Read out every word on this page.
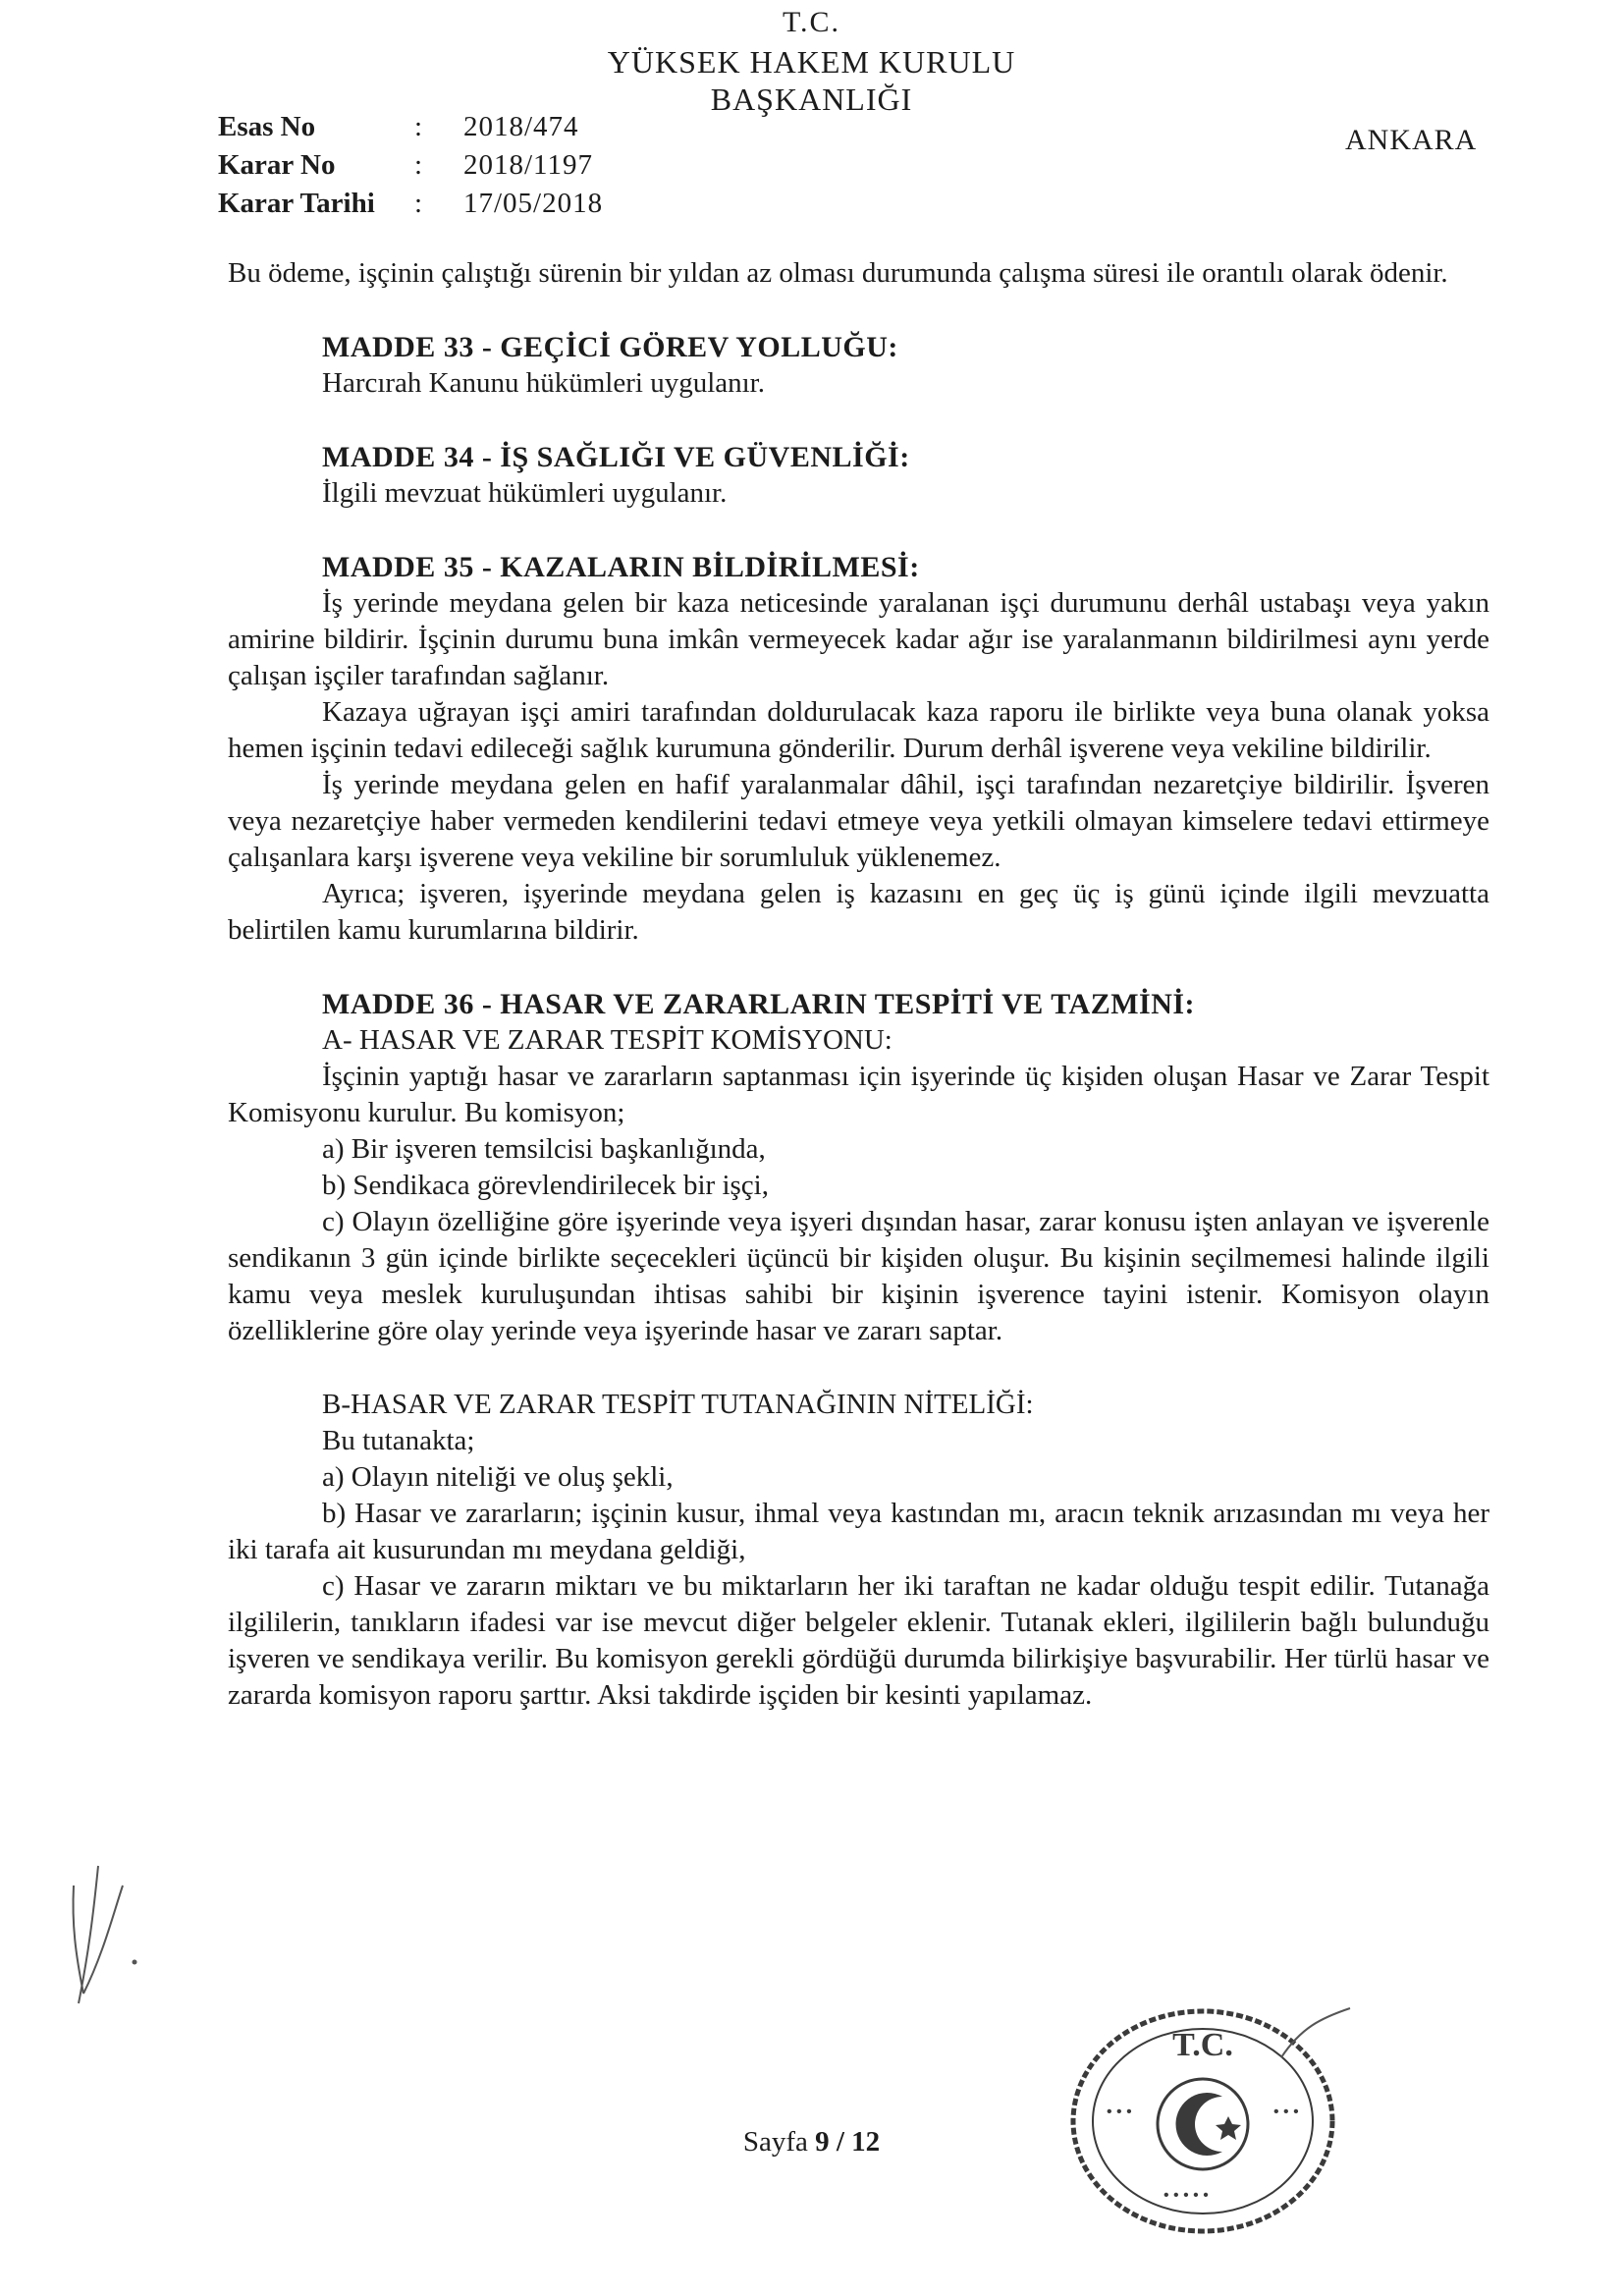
T.C.
YÜKSEK HAKEM KURULU
BAŞKANLIĞI
ANKARA
Esas No	:	2018/474
Karar No	:	2018/1197
Karar Tarihi	:	17/05/2018

Bu ödeme, işçinin çalıştığı sürenin bir yıldan az olması durumunda çalışma süresi ile orantılı olarak ödenir.

MADDE 33 - GEÇİCİ GÖREV YOLLUĞU:

Harcırah Kanunu hükümleri uygulanır.

MADDE 34 - İŞ SAĞLIĞI VE GÜVENLİĞİ:

İlgili mevzuat hükümleri uygulanır.

MADDE 35 - KAZALARIN BİLDİRİLMESİ:

İş yerinde meydana gelen bir kaza neticesinde yaralanan işçi durumunu derhâl ustabaşı veya yakın amirine bildirir. İşçinin durumu buna imkân vermeyecek kadar ağır ise yaralanmanın bildirilmesi aynı yerde çalışan işçiler tarafından sağlanır.

Kazaya uğrayan işçi amiri tarafından doldurulacak kaza raporu ile birlikte veya buna olanak yoksa hemen işçinin tedavi edileceği sağlık kurumuna gönderilir. Durum derhâl işverene veya vekiline bildirilir.

İş yerinde meydana gelen en hafif yaralanmalar dâhil, işçi tarafından nezaretçiye bildirilir. İşveren veya nezaretçiye haber vermeden kendilerini tedavi etmeye veya yetkili olmayan kimselere tedavi ettirmeye çalışanlara karşı işverene veya vekiline bir sorumluluk yüklenemez.

Ayrıca; işveren, işyerinde meydana gelen iş kazasını en geç üç iş günü içinde ilgili mevzuatta belirtilen kamu kurumlarına bildirir.

MADDE 36 - HASAR VE ZARARLARIN TESPİTİ VE TAZMİNİ:

A- HASAR VE ZARAR TESPİT KOMİSYONU:

İşçinin yaptığı hasar ve zararların saptanması için işyerinde üç kişiden oluşan Hasar ve Zarar Tespit Komisyonu kurulur. Bu komisyon;

a) Bir işveren temsilcisi başkanlığında,

b) Sendikaca görevlendirilecek bir işçi,

c) Olayın özelliğine göre işyerinde veya işyeri dışından hasar, zarar konusu işten anlayan ve işverenle sendikanın 3 gün içinde birlikte seçecekleri üçüncü bir kişiden oluşur. Bu kişinin seçilmemesi halinde ilgili kamu veya meslek kuruluşundan ihtisas sahibi bir kişinin işverence tayini istenir. Komisyon olayın özelliklerine göre olay yerinde veya işyerinde hasar ve zararı saptar.

B-HASAR VE ZARAR TESPİT TUTANAĞININ NİTELİĞİ:

Bu tutanakta;

a) Olayın niteliği ve oluş şekli,

b) Hasar ve zararların; işçinin kusur, ihmal veya kastından mı, aracın teknik arızasından mı veya her iki tarafa ait kusurundan mı meydana geldiği,

c) Hasar ve zararın miktarı ve bu miktarların her iki taraftan ne kadar olduğu tespit edilir. Tutanağa ilgililerin, tanıkların ifadesi var ise mevcut diğer belgeler eklenir. Tutanak ekleri, ilgililerin bağlı bulunduğu işveren ve sendikaya verilir. Bu komisyon gerekli gördüğü durumda bilirkişiye başvurabilir. Her türlü hasar ve zararda komisyon raporu şarttır. Aksi takdirde işçiden bir kesinti yapılamaz.

T.C.
• • •	• • •
• • • • •
Sayfa 9 / 12
